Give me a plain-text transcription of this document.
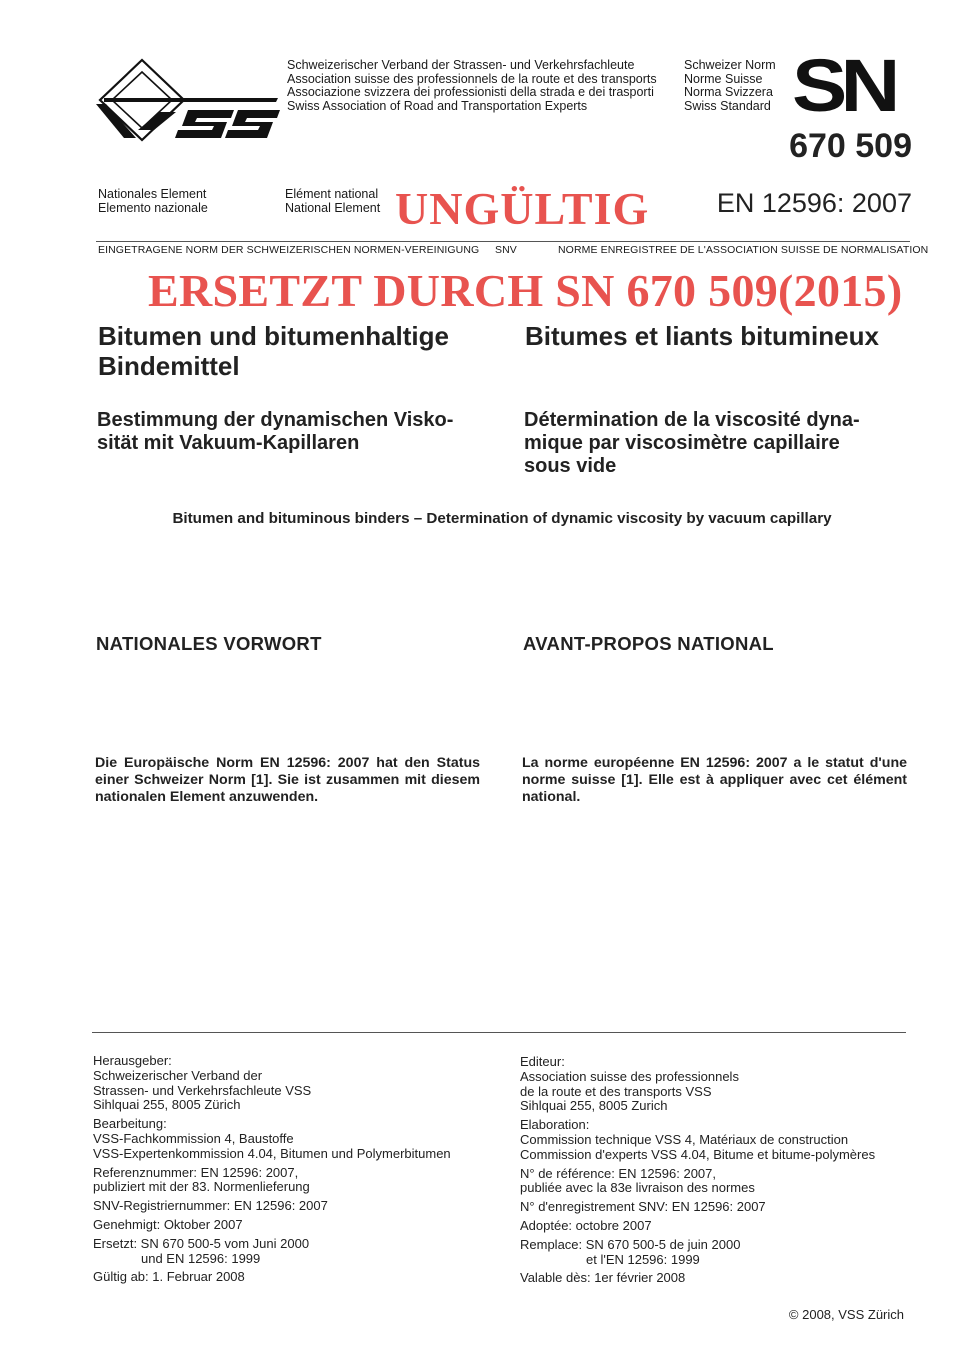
Schweizerischer Verband der Strassen- und Verkehrsfachleute
Association suisse des professionnels de la route et des transports
Associazione svizzera dei professionisti della strada e dei trasporti
Swiss Association of Road and Transportation Experts
Schweizer Norm
Norme Suisse
Norma Svizzera
Swiss Standard SN
670 509
Nationales Element
Elemento nazionale
Elément national
National Element UNGÜLTIG	EN 12596: 2007
EINGETRAGENE NORM DER SCHWEIZERISCHEN NORMEN-VEREINIGUNG SNV	NORME ENREGISTREE DE L'ASSOCIATION SUISSE DE NORMALISATION
ERSETZT DURCH SN 670 509(2015)
Bitumen und bitumenhaltige
Bindemittel
Bitumes et liants bitumineux
Bestimmung der dynamischen Visko-
sität mit Vakuum-Kapillaren
Détermination de la viscosité dyna-
mique par viscosimètre capillaire
sous vide
Bitumen and bituminous binders – Determination of dynamic viscosity by vacuum capillary
NATIONALES VORWORT	AVANT-PROPOS NATIONAL
Die Europäische Norm EN 12596: 2007 hat den Status einer Schweizer Norm [1]. Sie ist zusammen mit diesem nationalen Element anzuwenden.
La norme européenne EN 12596: 2007 a le statut d'une norme suisse [1]. Elle est à appliquer avec cet élément national.
Herausgeber:
Schweizerischer Verband der
Strassen- und Verkehrsfachleute VSS
Sihlquai 255, 8005 Zürich
Bearbeitung:
VSS-Fachkommission 4, Baustoffe
VSS-Expertenkommission 4.04, Bitumen und Polymerbitumen
Referenznummer: EN 12596: 2007,
publiziert mit der 83. Normenlieferung
SNV-Registriernummer: EN 12596: 2007
Genehmigt: Oktober 2007
Ersetzt: SN 670 500-5 vom Juni 2000
und EN 12596: 1999
Gültig ab: 1. Februar 2008
Editeur:
Association suisse des professionnels
de la route et des transports VSS
Sihlquai 255, 8005 Zurich
Elaboration:
Commission technique VSS 4, Matériaux de construction
Commission d'experts VSS 4.04, Bitume et bitume-polymères
N° de référence: EN 12596: 2007,
publiée avec la 83e livraison des normes
N° d'enregistrement SNV: EN 12596: 2007
Adoptée: octobre 2007
Remplace: SN 670 500-5 de juin 2000
et l'EN 12596: 1999
Valable dès: 1er février 2008
© 2008, VSS Zürich
